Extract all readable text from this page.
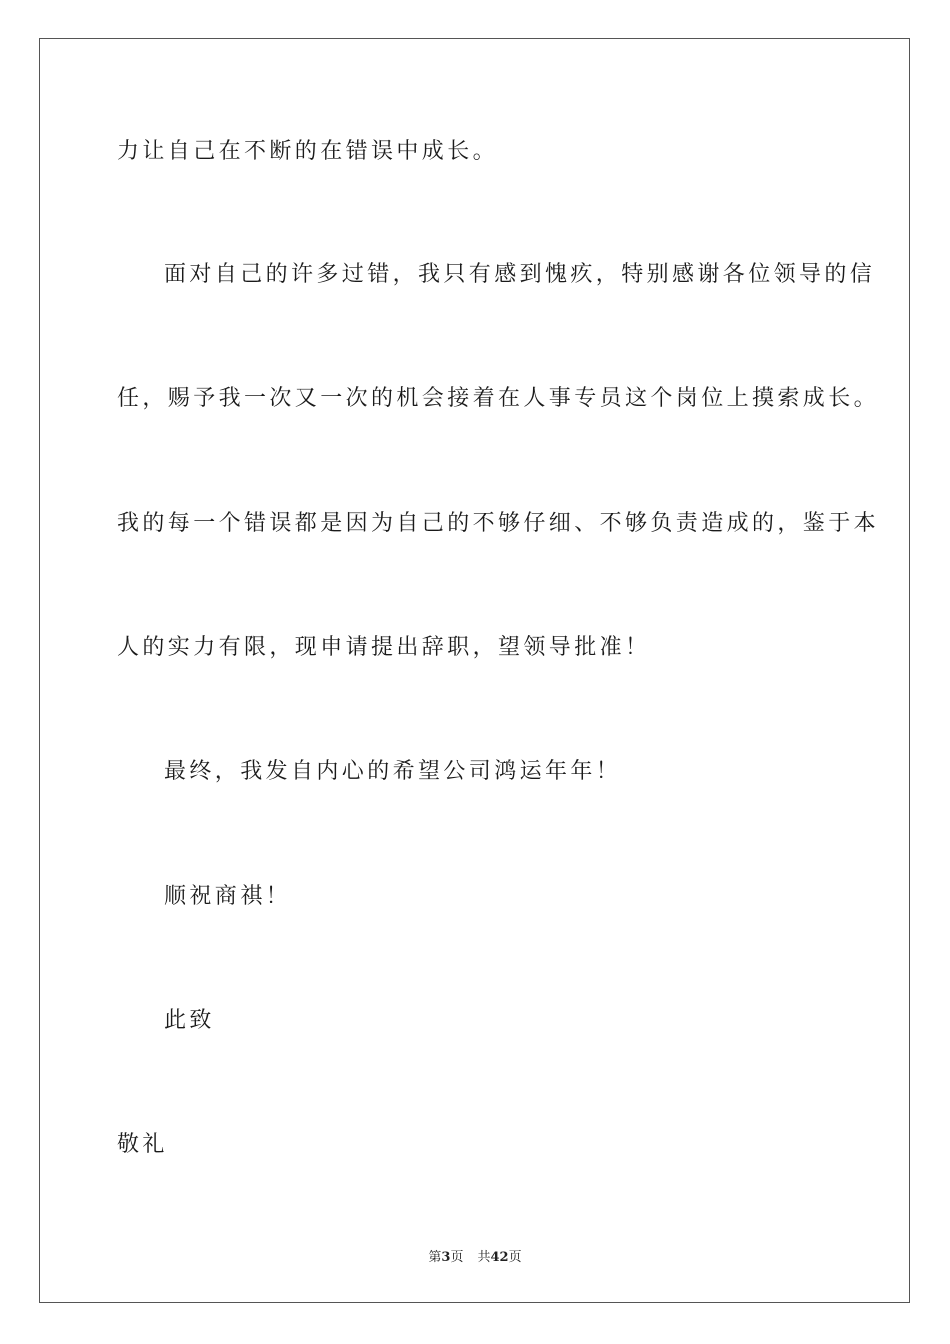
力让自己在不断的在错误中成长。
面对自己的许多过错，我只有感到愧疚，特别感谢各位领导的信
任，赐予我一次又一次的机会接着在人事专员这个岗位上摸索成长。
我的每一个错误都是因为自己的不够仔细、不够负责造成的，鉴于本
人的实力有限，现申请提出辞职，望领导批准！
最终，我发自内心的希望公司鸿运年年！
顺祝商祺！
此致
敬礼
第3页 共42页
